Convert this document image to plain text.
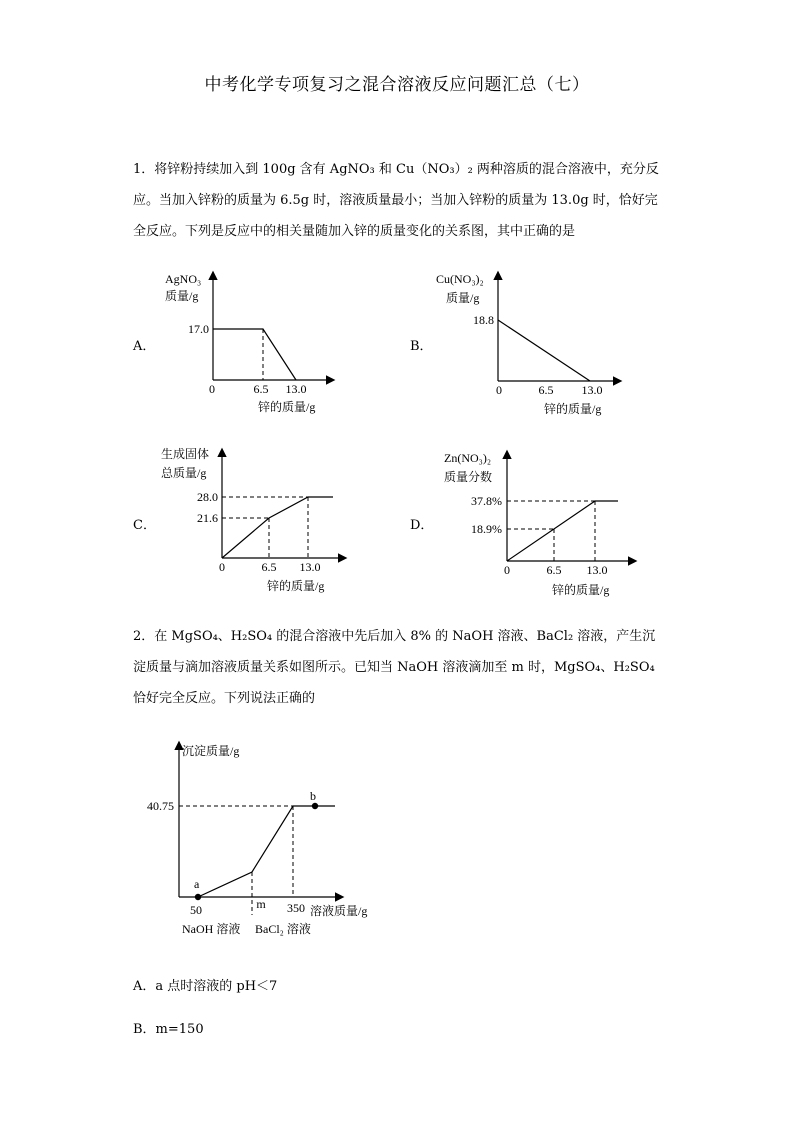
中考化学专项复习之混合溶液反应问题汇总（七）
1．将锌粉持续加入到 100g 含有 AgNO₃ 和 Cu（NO₃）₂ 两种溶质的混合溶液中，充分反应。当加入锌粉的质量为 6.5g 时，溶液质量最小；当加入锌粉的质量为 13.0g 时，恰好完全反应。下列是反应中的相关量随加入锌的质量变化的关系图，其中正确的是
A．	B．
C．	D．
AgNO₃
质量/g
17.0
0	6.5 13.0
锌的质量/g
Cu(NO₃)₂
质量/g
18.8
0	6.5 13.0
锌的质量/g
生成固体
总质量/g
28.0
21.6
0	6.5 13.0
锌的质量/g
Zn(NO₃)₂
质量分数
37.8%
18.9%
0	6.5 13.0
锌的质量/g
2．在 MgSO₄、H₂SO₄ 的混合溶液中先后加入 8% 的 NaOH 溶液、BaCl₂ 溶液，产生沉淀质量与滴加溶液质量关系如图所示。已知当 NaOH 溶液滴加至 m 时，MgSO₄、H₂SO₄ 恰好完全反应。下列说法正确的
沉淀质量/g
40.75
a
b
50	m 350 溶液质量/g
NaOH 溶液 BaCl₂ 溶液
A．a 点时溶液的 pH＜7
B．m=150
